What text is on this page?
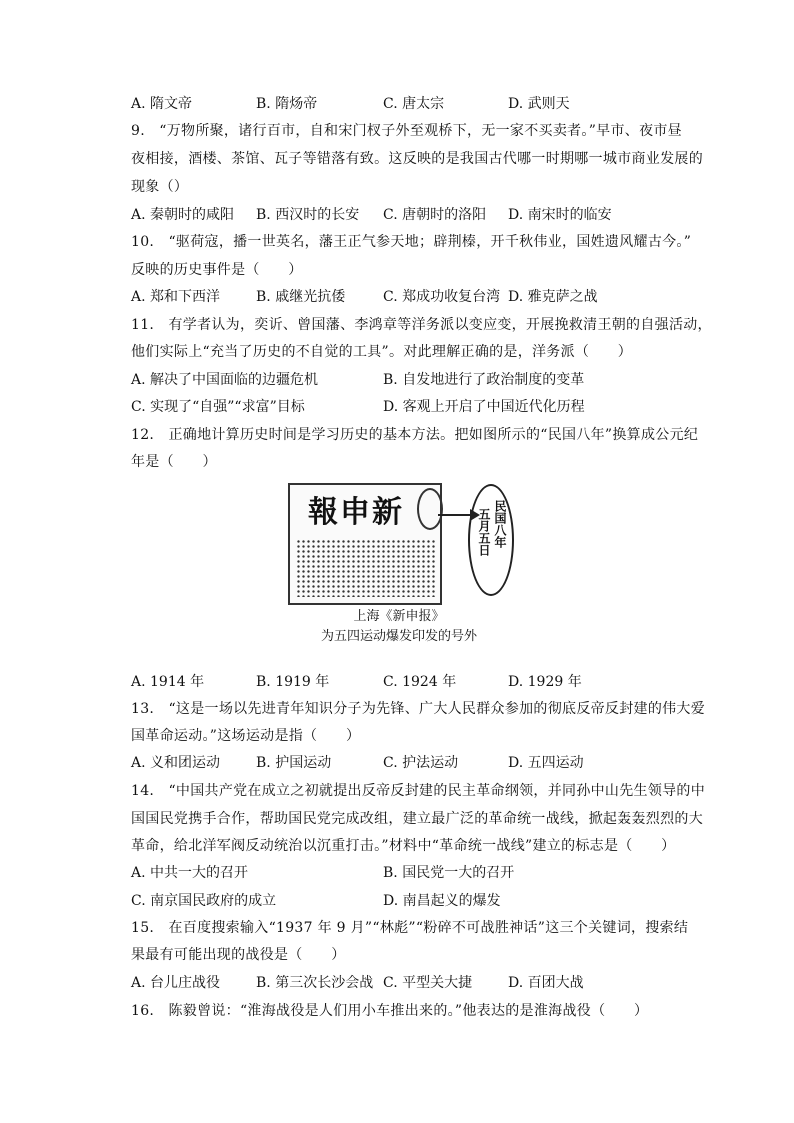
A. 隋文帝	B. 隋炀帝	C. 唐太宗	D. 武则天
9.　“万物所聚，诸行百市，自和宋门杈子外至观桥下，无一家不买卖者。”早市、夜市昼
夜相接，酒楼、茶馆、瓦子等错落有致。这反映的是我国古代哪一时期哪一城市商业发展的
现象（）
A. 秦朝时的咸阳 B. 西汉时的长安 C. 唐朝时的洛阳 D. 南宋时的临安
10.　“驱荷寇，播一世英名，藩王正气参天地；辟荆榛，开千秋伟业，国姓遗风耀古今。”
反映的历史事件是（　　）
A. 郑和下西洋	B. 戚继光抗倭	C. 郑成功收复台湾 D. 雅克萨之战
11.　有学者认为，奕䜣、曾国藩、李鸿章等洋务派以变应变，开展挽救清王朝的自强活动，
他们实际上“充当了历史的不自觉的工具”。对此理解正确的是，洋务派（　　）
A. 解决了中国面临的边疆危机	B. 自发地进行了政治制度的变革
C. 实现了“自强”“求富”目标	D. 客观上开启了中国近代化历程
12.　正确地计算历史时间是学习历史的基本方法。把如图所示的“民国八年”换算成公元纪
年是（　　）
報申新	民国八年
五月五日
上海《新申报》
为五四运动爆发印发的号外
A. 1914 年	B. 1919 年	C. 1924 年	D. 1929 年
13.　“这是一场以先进青年知识分子为先锋、广大人民群众参加的彻底反帝反封建的伟大爱
国革命运动。”这场运动是指（　　）
A. 义和团运动	B. 护国运动	C. 护法运动	D. 五四运动
14.　“中国共产党在成立之初就提出反帝反封建的民主革命纲领，并同孙中山先生领导的中
国国民党携手合作，帮助国民党完成改组，建立最广泛的革命统一战线，掀起轰轰烈烈的大
革命，给北洋军阀反动统治以沉重打击。”材料中“革命统一战线”建立的标志是（　　）
A. 中共一大的召开	B. 国民党一大的召开
C. 南京国民政府的成立	D. 南昌起义的爆发
15.　在百度搜索输入“1937 年 9 月”“林彪”“粉碎不可战胜神话”这三个关键词，搜索结
果最有可能出现的战役是（　　）
A. 台儿庄战役	B. 第三次长沙会战 C. 平型关大捷	D. 百团大战
16.　陈毅曾说：“淮海战役是人们用小车推出来的。”他表达的是淮海战役（　　）
